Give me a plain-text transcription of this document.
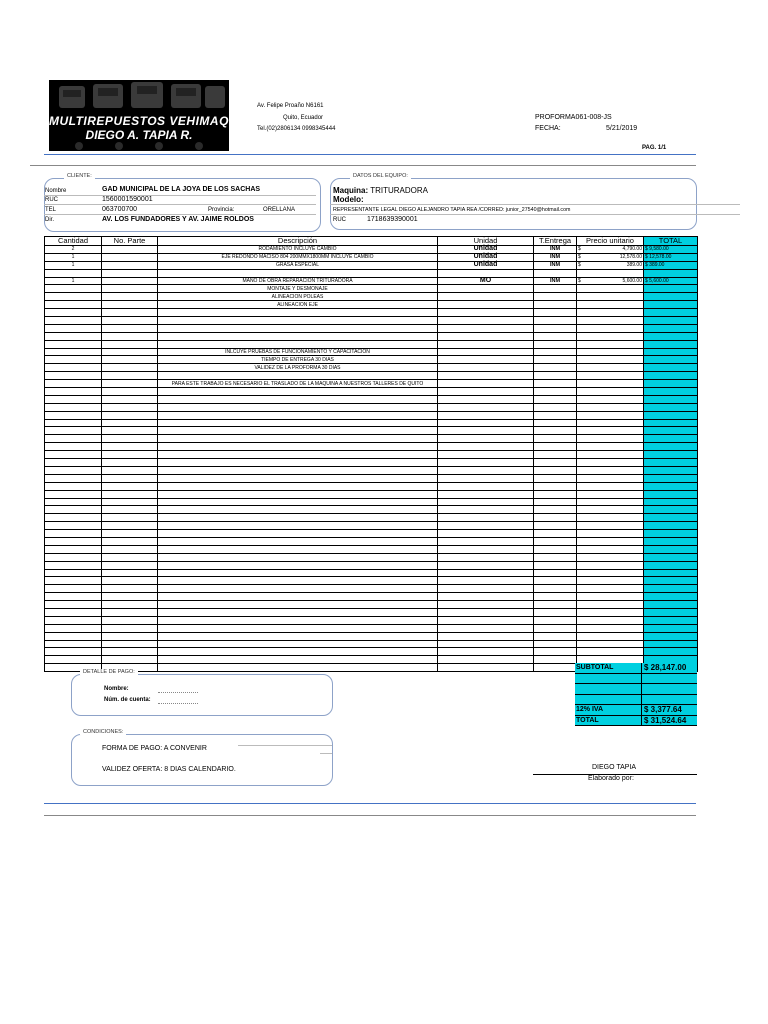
MULTIREPUESTOS VEHIMAQ DT
DIEGO A. TAPIA R.
Av. Felipe Proaño N6161
Quito, Ecuador
Tel.(02)2806134 0998345444
PROFORMA061-008-JS
FECHA:	5/21/2019
PAG. 1/1
CLIENTE:
Nombre	GAD MUNICIPAL DE LA JOYA DE LOS SACHAS
RUC	1560001590001
TEL	063700700	Provincia:	ORELLANA
Dir.	AV. LOS FUNDADORES Y AV. JAIME ROLDOS
DATOS DEL EQUIPO:
Maquina: TRITURADORA
Modelo:
REPRESENTANTE LEGAL DIEGO ALEJANDRO TAPIA REA /CORRED: junior_27540@hotmail.com
RUC	1718639390001
Cantidad	No. Parte	Descripción	Unidad	T.Entrega	Precio unitario	TOTAL
2		RODAMIENTO INCLUYE CAMBIO	Unidad	INM	$ 4,790.00	$ 9,580.00
1		EJE REDONDO MACISO 804 200MMX1800MM INCLUYE CAMBIO	Unidad	INM	$ 12,578.00	$ 12,578.00
1		GRASA ESPECIAL	Unidad	INM	$ 389.00	$ 389.00

1		MANO DE OBRA REPARACIÓN TRITURADORA	MO	INM	$ 5,600.00	$ 5,600.00
		MONTAJE Y DESMONAJE			

		ALINEACION POLEAS			

		ALINEACION EJE			

		INLCUYE PRUEBAS DE FUNCIONAMIENTO Y CAPACITACION			

		TIEMPO DE ENTREGA 30 DIAS			

		VALIDEZ DE LA PROFORMA 30 DIAS			

		PARA ESTE TRABAJO ES NECESARIO EL TRASLADO DE LA MAQUINA A NUESTROS TALLERES DE QUITO			

SUBTOTAL	$ 28,147.00
12% IVA	$ 3,377.64
TOTAL	$ 31,524.64
DETALLE DE PAGO:
Nombre:
Núm. de cuenta:
CONDICIONES:
FORMA DE PAGO: A CONVENIR
VALIDEZ OFERTA: 8 DIAS CALENDARIO.	DIEGO TAPIA
Elaborado por:
